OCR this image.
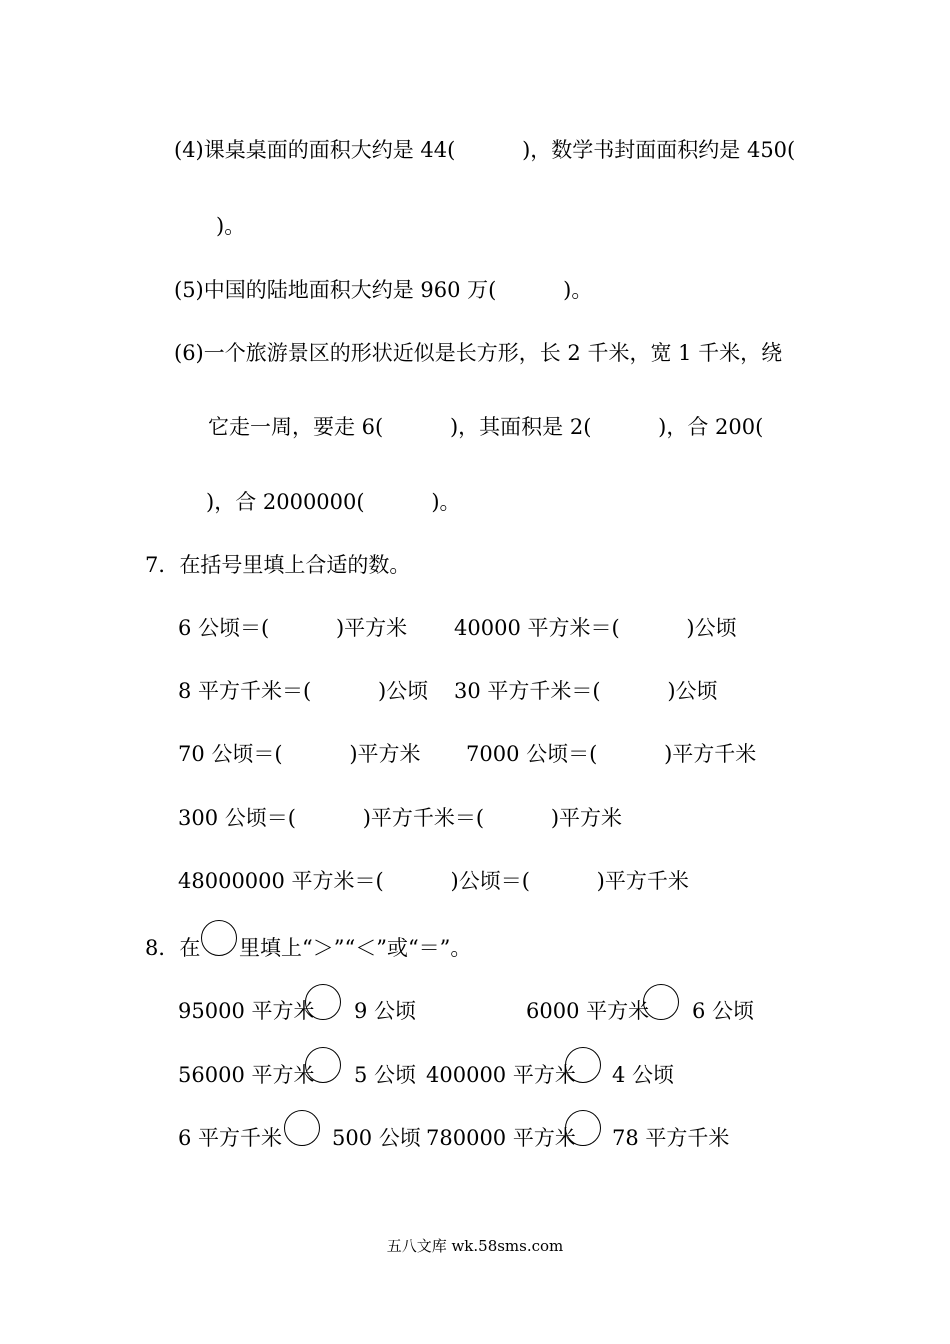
(4)课桌桌面的面积大约是 44(          )，数学书封面面积约是 450(
)。
(5)中国的陆地面积大约是 960 万(          )。
(6)一个旅游景区的形状近似是长方形，长 2 千米，宽 1 千米，绕
它走一周，要走 6(          )，其面积是 2(          )，合 200(
)，合 2000000(          )。
7．在括号里填上合适的数。
6 公顷＝(          )平方米 40000 平方米＝(          )公顷
8 平方千米＝(          )公顷 30 平方千米＝(          )公顷
70 公顷＝(          )平方米 7000 公顷＝(          )平方千米
300 公顷＝(          )平方千米＝(          )平方米
48000000 平方米＝(          )公顷＝(          )平方千米
8．在 里填上“＞”“＜”或“＝”。
95000 平方米 9 公顷	6000 平方米 6 公顷
56000 平方米 5 公顷 400000 平方米 4 公顷
6 平方千米 500 公顷 780000 平方米 78 平方千米
五八文库 wk.58sms.com
